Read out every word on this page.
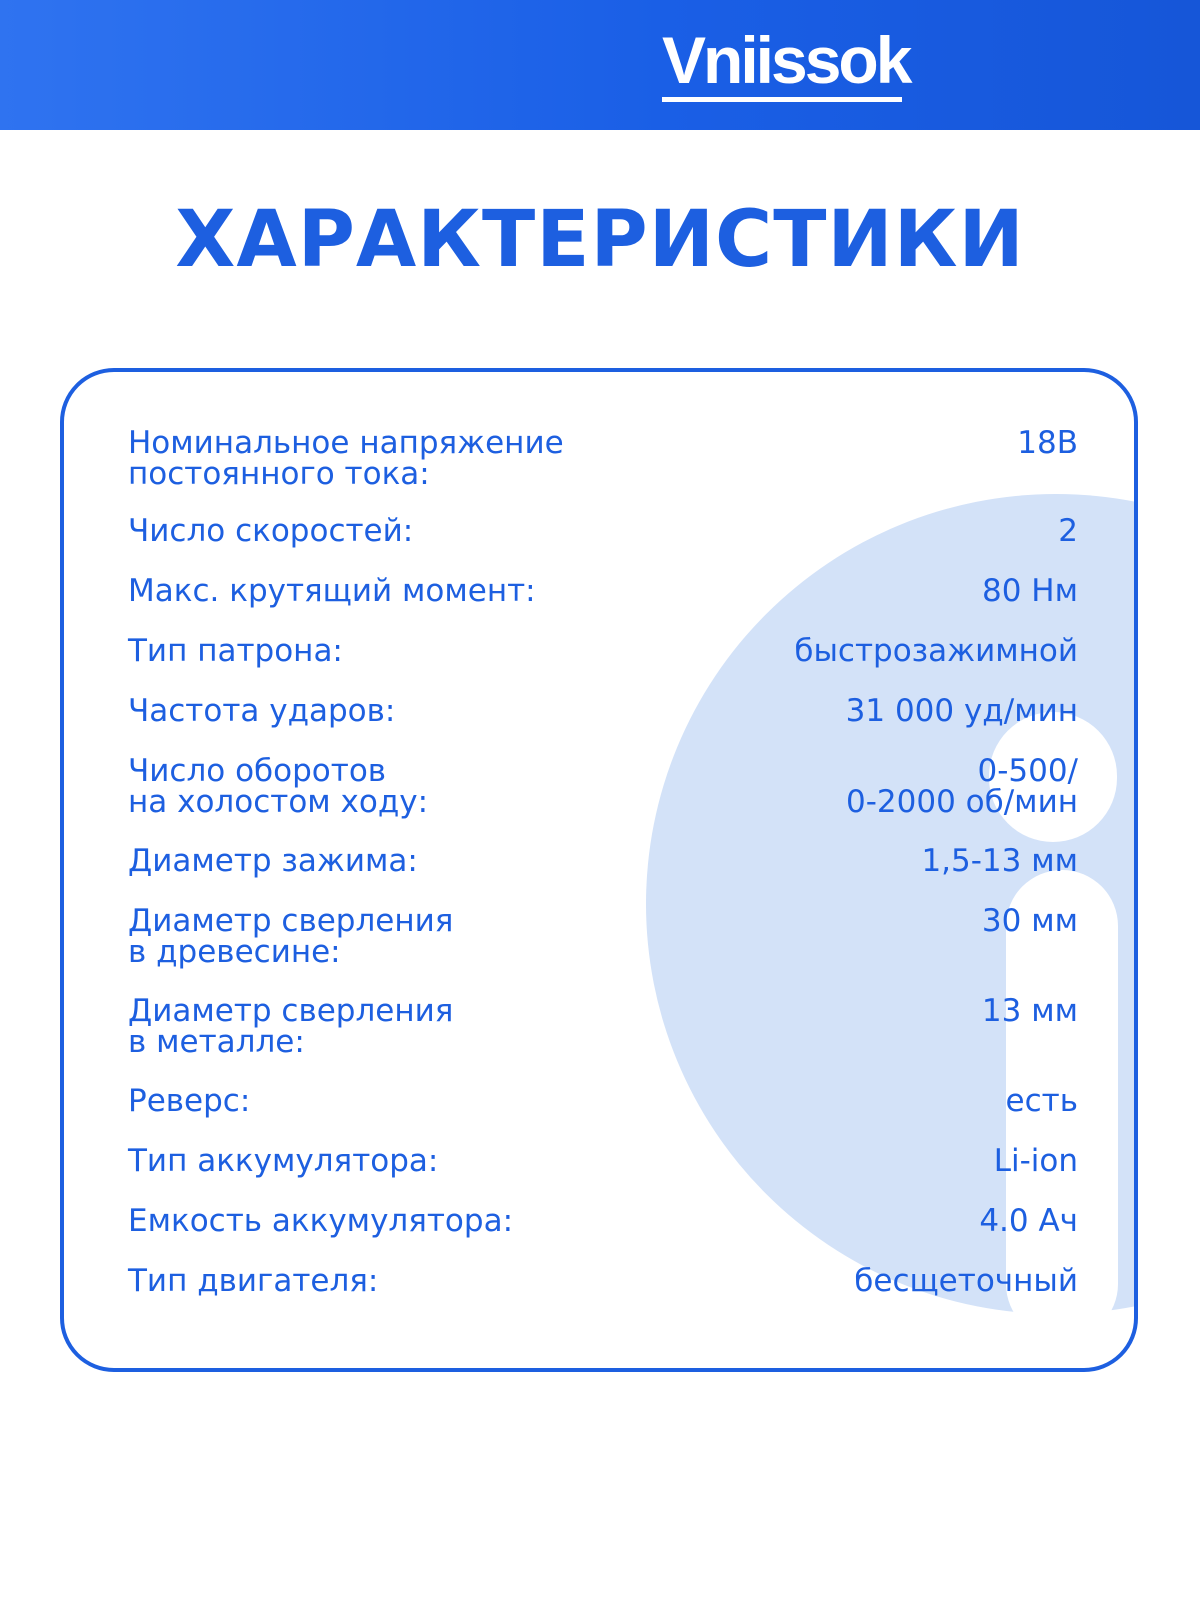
Vniissok
ХАРАКТЕРИСТИКИ
Номинальное напряжение
постоянного тока:
18В
Число скоростей:	2
Макс. крутящий момент:	80 Нм
Тип патрона:	быстрозажимной
Частота ударов:	31 000 уд/мин
Число оборотов
на холостом ходу:
0-500/
0-2000 об/мин
Диаметр зажима:	1,5-13 мм
Диаметр сверления
в древесине:
30 мм
Диаметр сверления
в металле:
13 мм
Реверс:	есть
Тип аккумулятора:	Li-ion
Емкость аккумулятора:	4.0 Ач
Тип двигателя:	бесщеточный
